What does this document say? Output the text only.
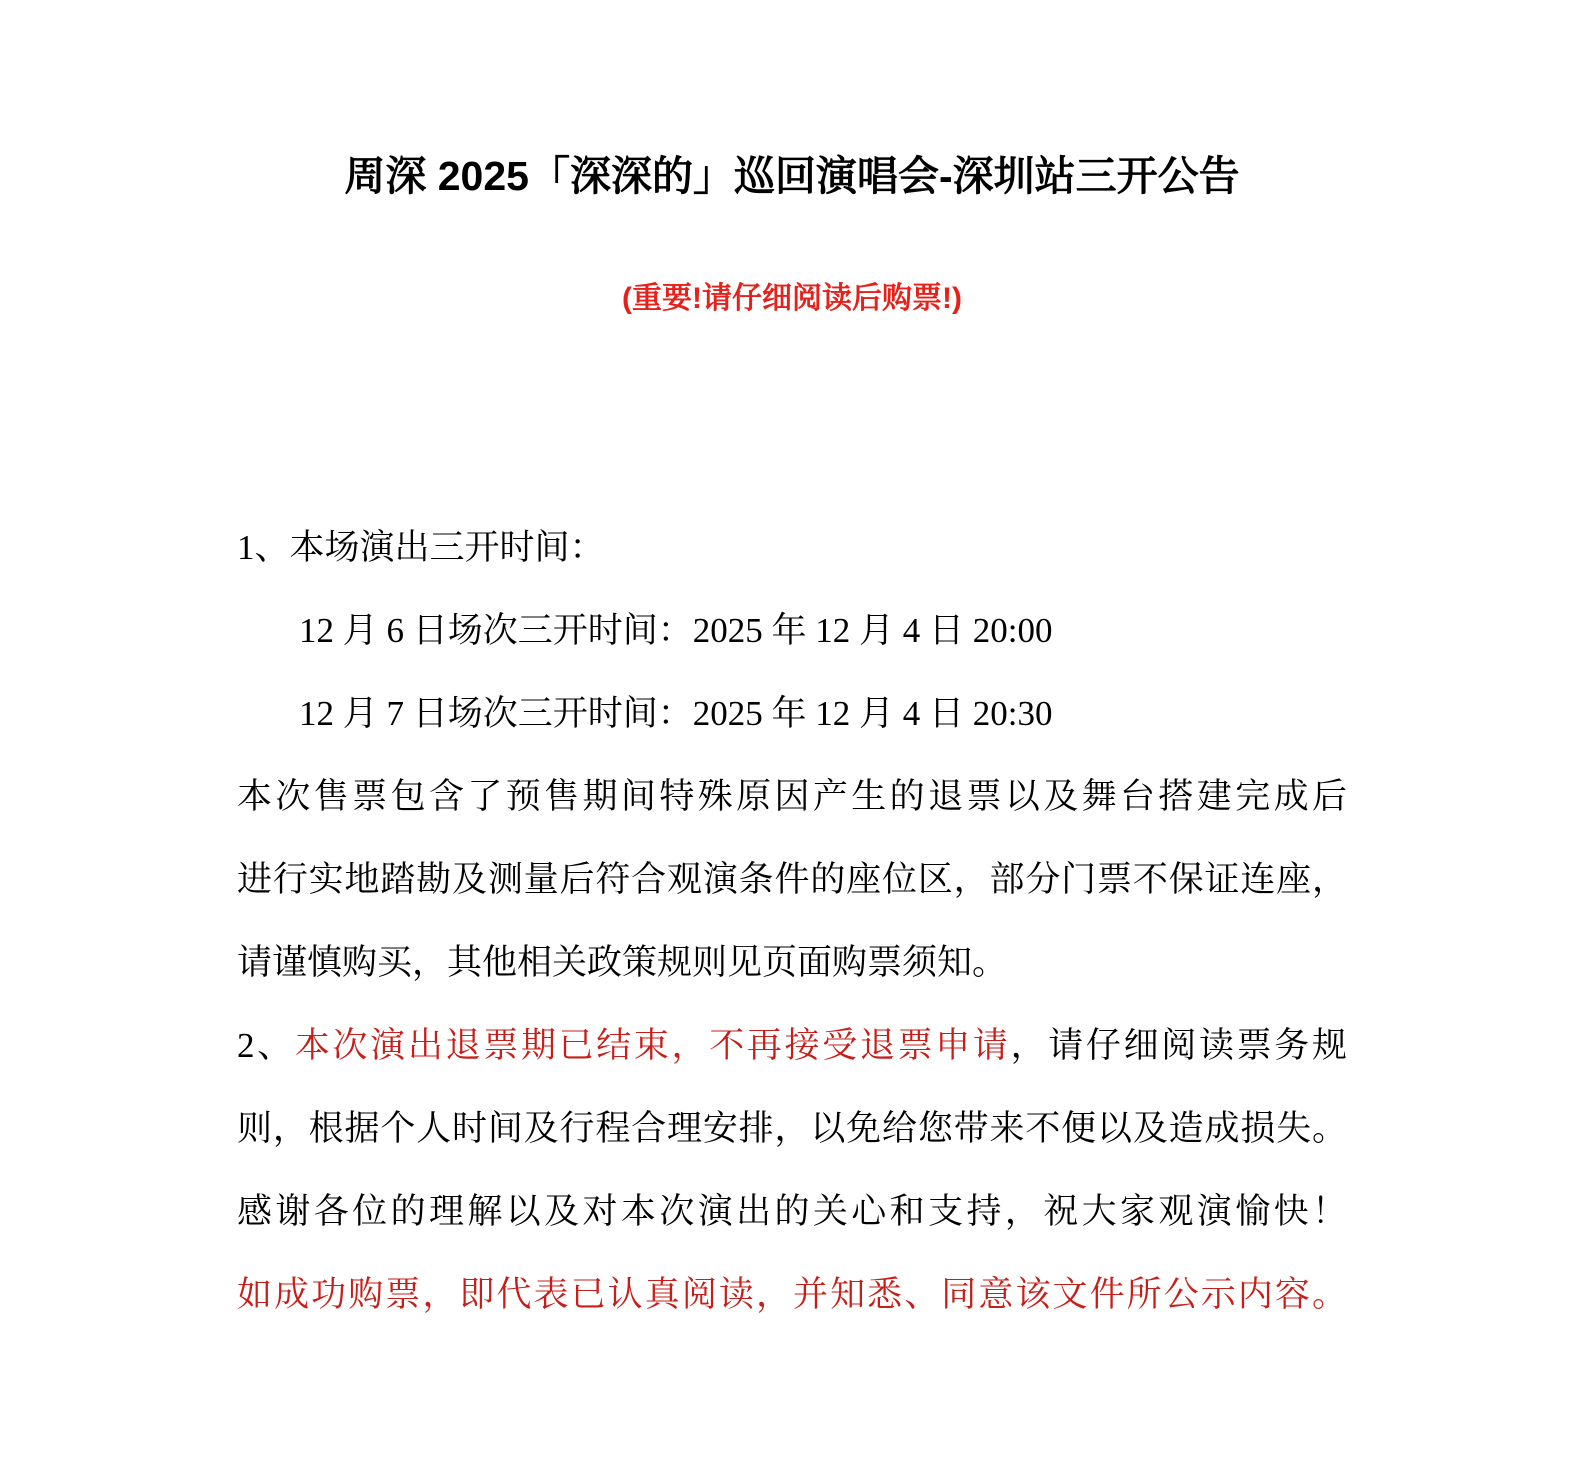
周深 2025「深深的」巡回演唱会-深圳站三开公告
(重要!请仔细阅读后购票!)
1、本场演出三开时间：
12 月 6 日场次三开时间：2025 年 12 月 4 日 20:00
12 月 7 日场次三开时间：2025 年 12 月 4 日 20:30
本次售票包含了预售期间特殊原因产生的退票以及舞台搭建完成后
进行实地踏勘及测量后符合观演条件的座位区，部分门票不保证连座，
请谨慎购买，其他相关政策规则见页面购票须知。
2、本次演出退票期已结束，不再接受退票申请，请仔细阅读票务规
则，根据个人时间及行程合理安排，以免给您带来不便以及造成损失。
感谢各位的理解以及对本次演出的关心和支持，祝大家观演愉快！
如成功购票，即代表已认真阅读，并知悉、同意该文件所公示内容。
